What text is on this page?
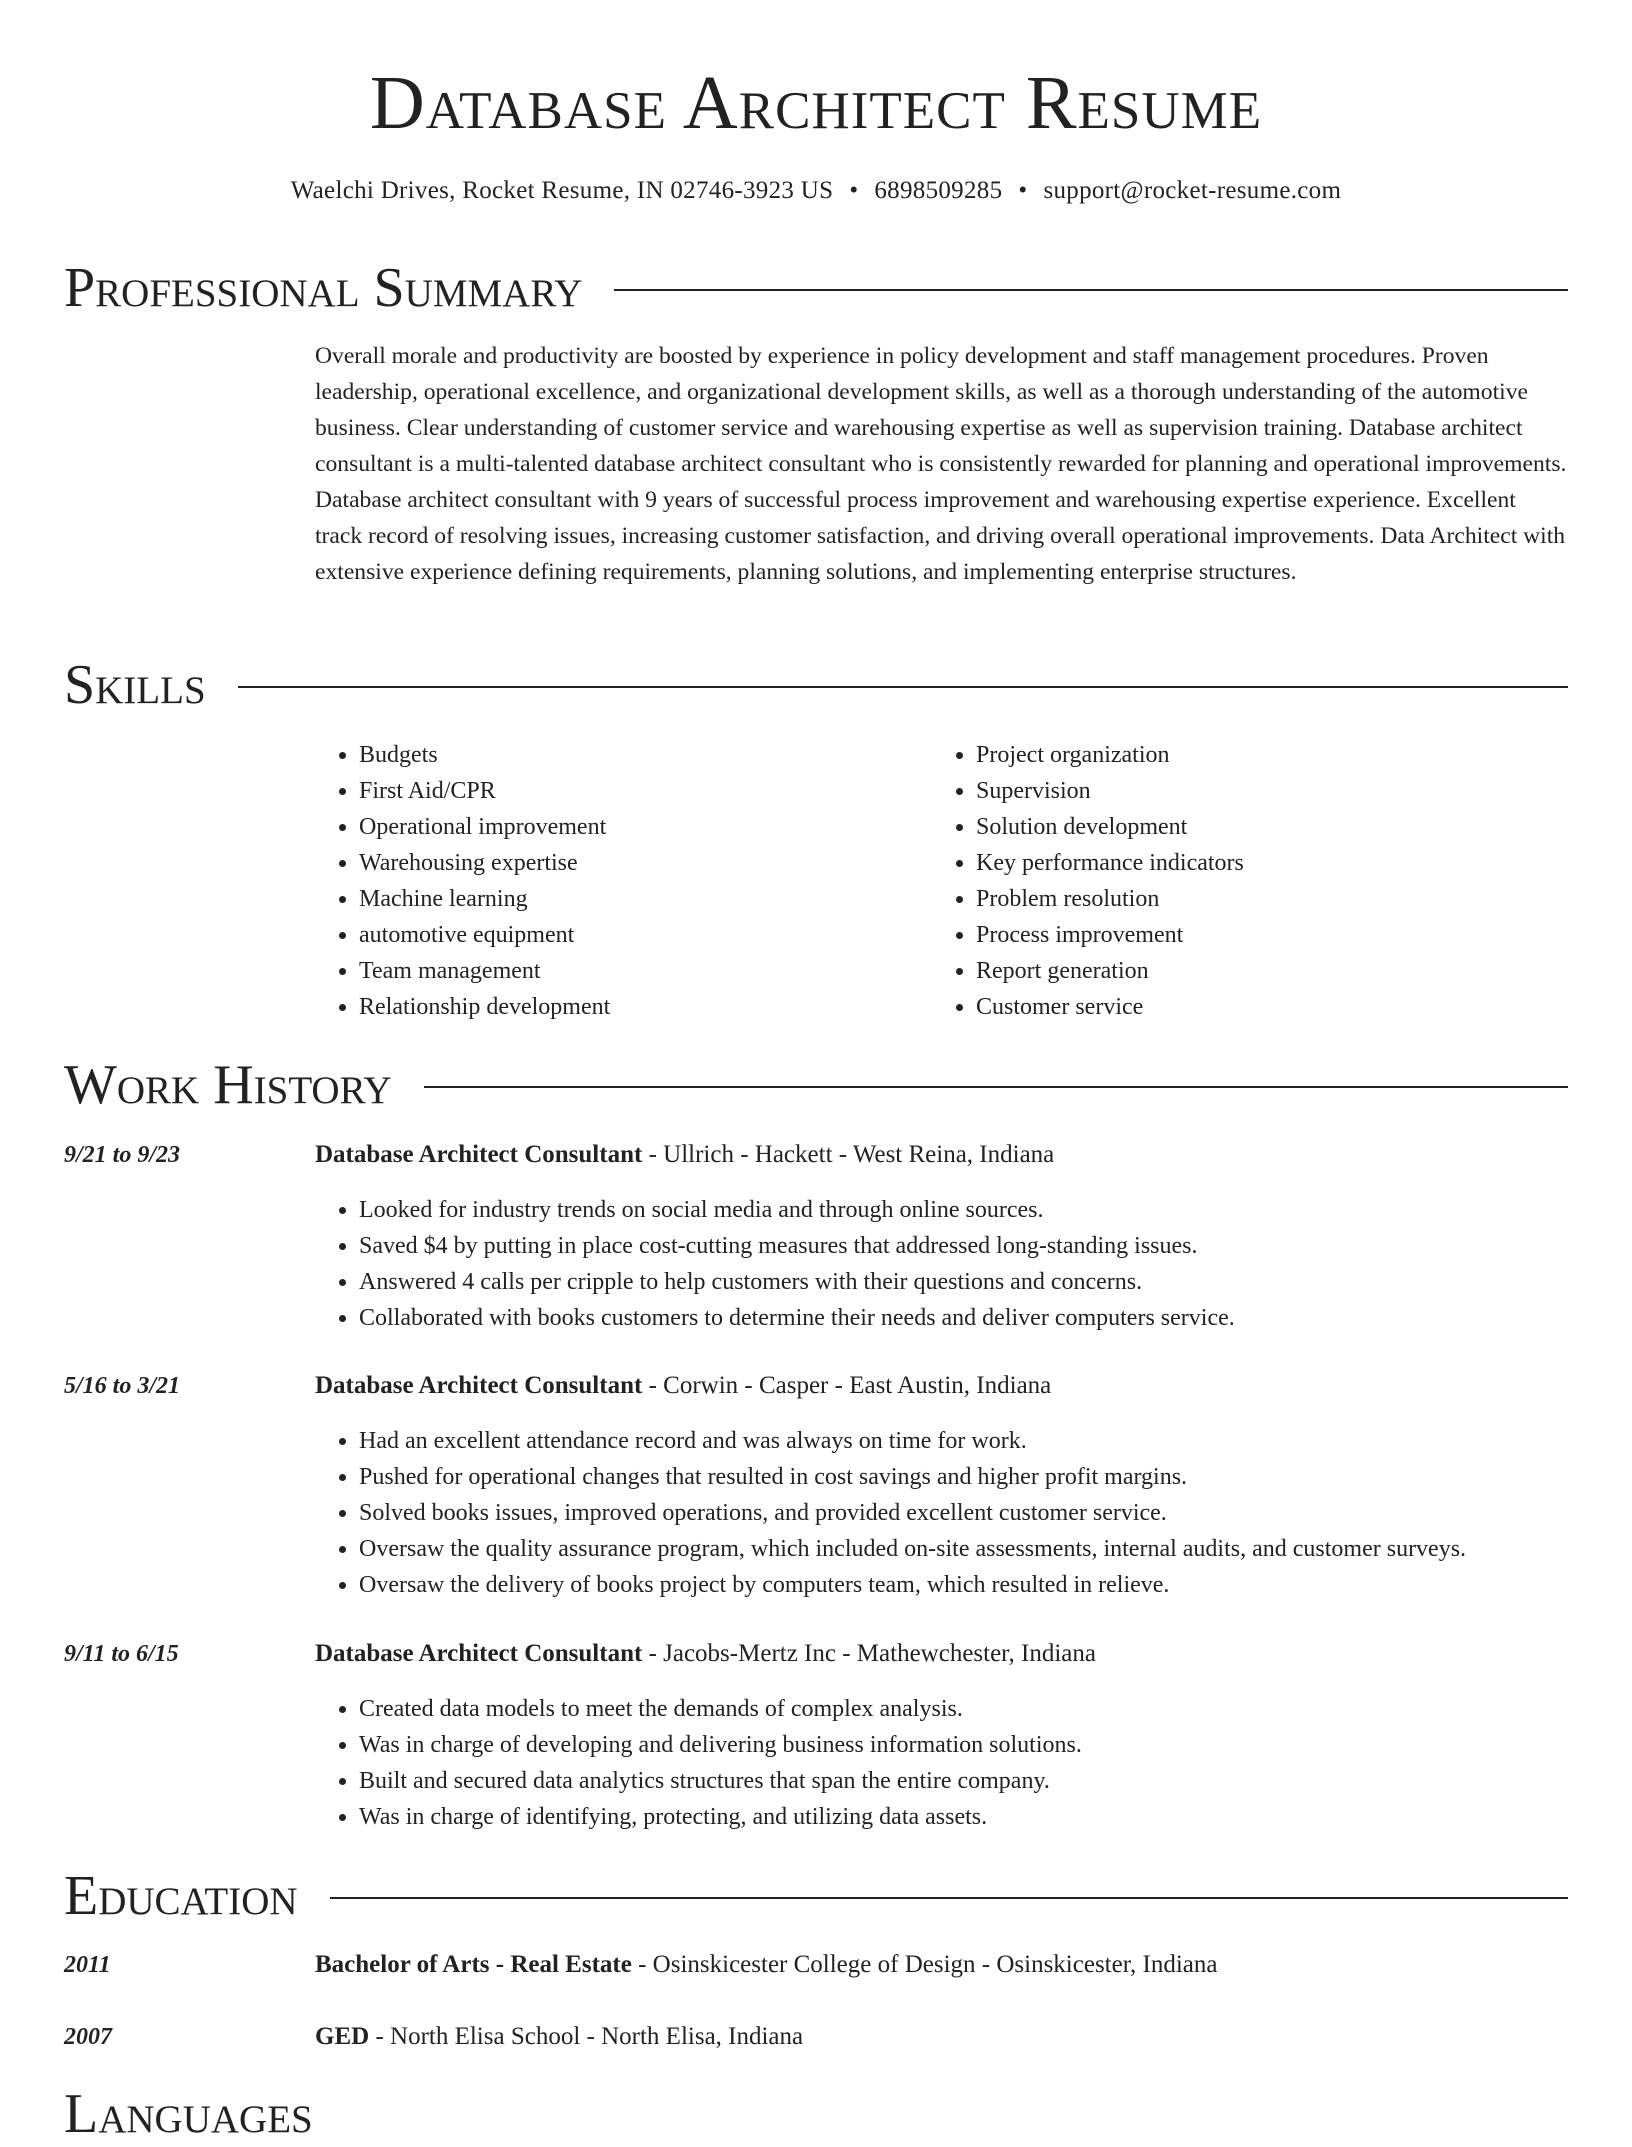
Database Architect Resume
Waelchi Drives, Rocket Resume, IN 02746-3923 US • 6898509285 • support@rocket-resume.com
Professional Summary
Overall morale and productivity are boosted by experience in policy development and staff management procedures. Proven leadership, operational excellence, and organizational development skills, as well as a thorough understanding of the automotive business. Clear understanding of customer service and warehousing expertise as well as supervision training. Database architect consultant is a multi-talented database architect consultant who is consistently rewarded for planning and operational improvements. Database architect consultant with 9 years of successful process improvement and warehousing expertise experience. Excellent track record of resolving issues, increasing customer satisfaction, and driving overall operational improvements. Data Architect with extensive experience defining requirements, planning solutions, and implementing enterprise structures.
Skills
• Budgets
• First Aid/CPR
• Operational improvement
• Warehousing expertise
• Machine learning
• automotive equipment
• Team management
• Relationship development
• Project organization
• Supervision
• Solution development
• Key performance indicators
• Problem resolution
• Process improvement
• Report generation
• Customer service
Work History
9/21 to 9/23	Database Architect Consultant - Ullrich - Hackett - West Reina, Indiana
• Looked for industry trends on social media and through online sources.
• Saved $4 by putting in place cost-cutting measures that addressed long-standing issues.
• Answered 4 calls per cripple to help customers with their questions and concerns.
• Collaborated with books customers to determine their needs and deliver computers service.
5/16 to 3/21	Database Architect Consultant - Corwin - Casper - East Austin, Indiana
• Had an excellent attendance record and was always on time for work.
• Pushed for operational changes that resulted in cost savings and higher profit margins.
• Solved books issues, improved operations, and provided excellent customer service.
• Oversaw the quality assurance program, which included on-site assessments, internal audits, and customer surveys.
• Oversaw the delivery of books project by computers team, which resulted in relieve.
9/11 to 6/15	Database Architect Consultant - Jacobs-Mertz Inc - Mathewchester, Indiana
• Created data models to meet the demands of complex analysis.
• Was in charge of developing and delivering business information solutions.
• Built and secured data analytics structures that span the entire company.
• Was in charge of identifying, protecting, and utilizing data assets.
Education
2011	Bachelor of Arts - Real Estate - Osinskicester College of Design - Osinskicester, Indiana
2007	GED - North Elisa School - North Elisa, Indiana
Languages
